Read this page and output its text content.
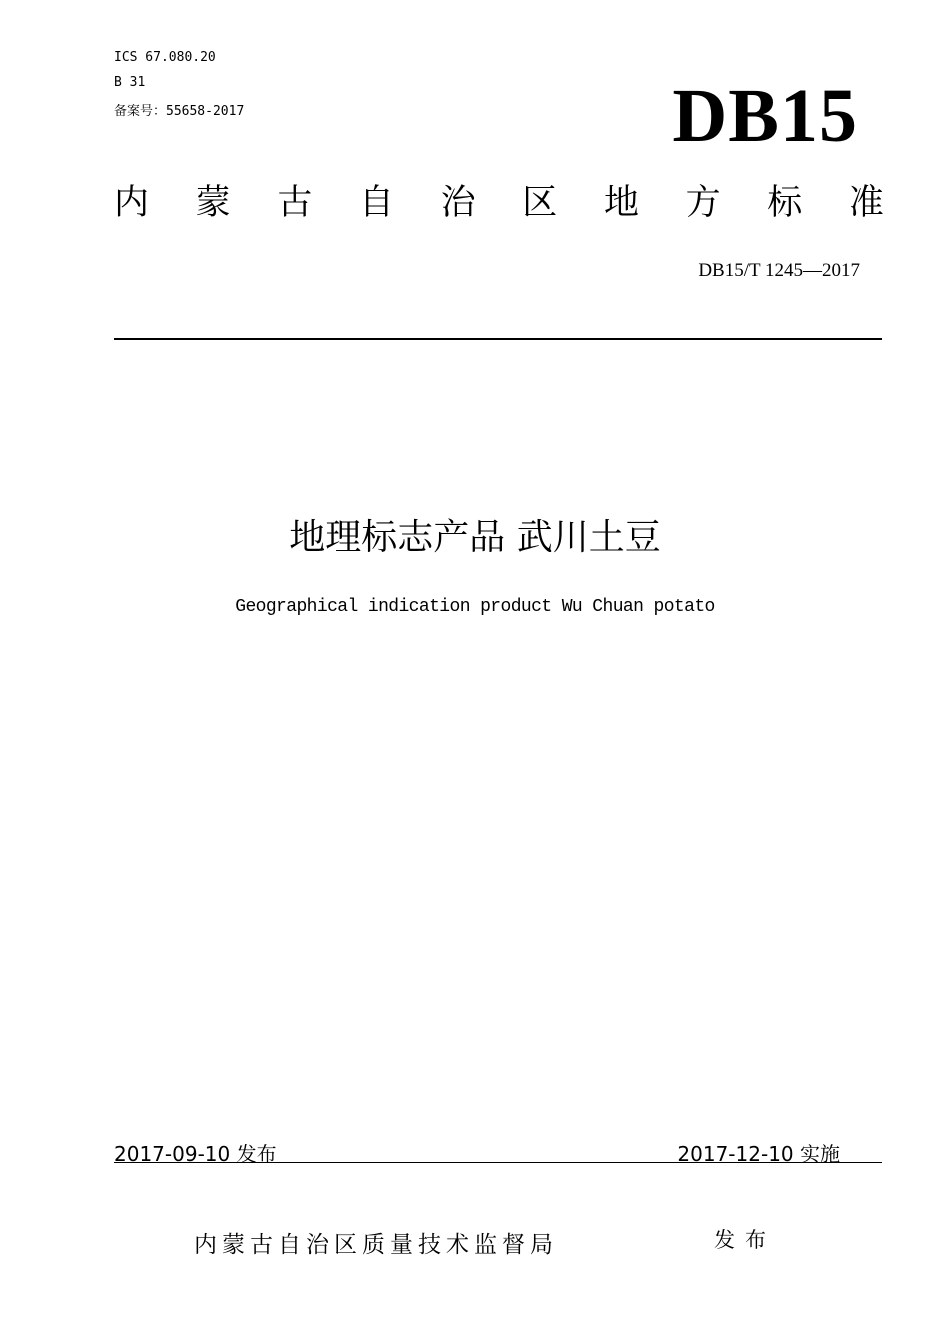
ICS 67.080.20
B 31
备案号：55658-2017	DB15
内 蒙 古 自 治 区 地 方 标 准
DB15/T 1245—2017
地理标志产品 武川土豆
Geographical indication product Wu Chuan potato
2017-09-10 发布	2017-12-10 实施
内蒙古自治区质量技术监督局	发布
